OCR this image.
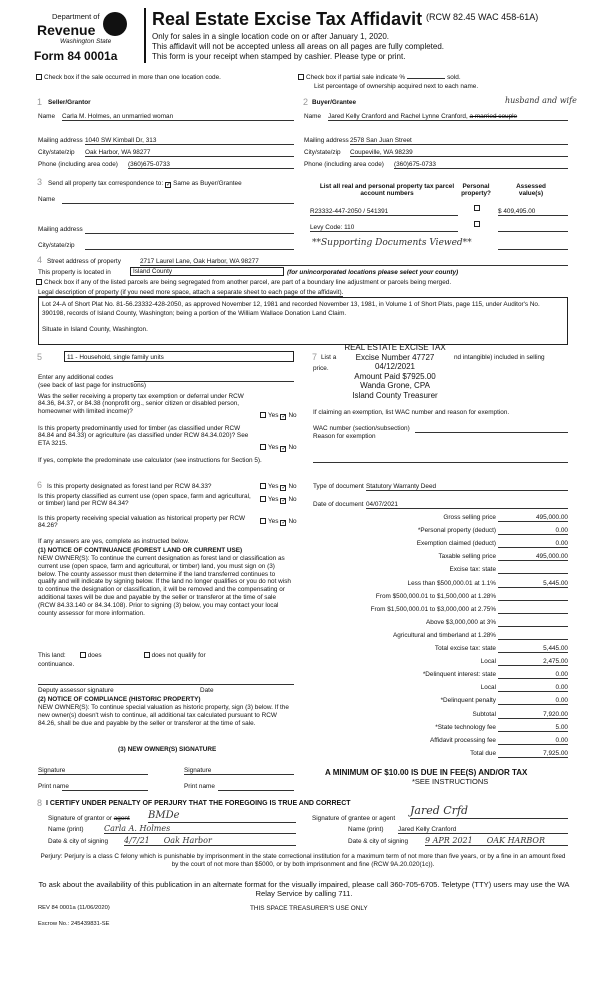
Department of
Revenue
Washington State
Form 84 0001a
Real Estate Excise Tax Affidavit (RCW 82.45 WAC 458-61A)
Only for sales in a single location code on or after January 1, 2020.
This affidavit will not be accepted unless all areas on all pages are fully completed.
This form is your receipt when stamped by cashier. Please type or print.
Check box if the sale occurred in more than one location code.	Check box if partial sale indicate %	sold.
List percentage of ownership acquired next to each name.
1 Seller/Grantor
Name Carla M. Holmes, an unmarried woman
Mailing address 1040 SW Kimball Dr, 313
City/state/zip Oak Harbor, WA 98277
Phone (including area code) (360)675-0733
2 Buyer/Grantee	husband and wife
Name Jared Kelly Cranford and Rachel Lynne Cranford, a married couple
Mailing address 2578 San Juan Street
City/state/zip Coupeville, WA 98239
Phone (including area code) (360)675-0733
3 Send all property tax correspondence to: ✓ Same as Buyer/Grantee
Name
Mailing address
City/state/zip
List all real and personal property tax parcel account numbers
Personal property?
Assessed value(s)
R23332-447-2050 / 541391	$ 409,495.00
Levy Code: 110
**Supporting Documents Viewed**
4 Street address of property	2717 Laurel Lane, Oak Harbor, WA 98277
This property is located in	Island County	(for unincorporated locations please select your county)
Check box if any of the listed parcels are being segregated from another parcel, are part of a boundary line adjustment or parcels being merged.
Legal description of property (if you need more space, attach a separate sheet to each page of the affidavit).
Lot 24-A of Short Plat No. 81-56.23332-428-2050, as approved November 12, 1981 and recorded November 13, 1981, in Volume 1 of Short Plats, page 115, under Auditor's No. 390198, records of Island County, Washington; being a portion of the William Wallace Donation Land Claim.
Situate in Island County, Washington.
5	11 - Household, single family units
Enter any additional codes
(see back of last page for instructions)
Was the seller receiving a property tax exemption or deferral under RCW 84.36, 84.37, or 84.38 (nonprofit org., senior citizen or disabled person, homeowner with limited income)?
Yes ✓ No
Is this property predominantly used for timber (as classified under RCW 84.84 and 84.33) or agriculture (as classified under RCW 84.34.020)? See ETA 3215.
Yes ✓ No
If yes, complete the predominate use calculator (see instructions for Section 5).
7 List a
price.
nd intangible) included in selling
REAL ESTATE EXCISE TAX
Excise Number 47727
04/12/2021
Amount Paid $7925.00
Wanda Grone, CPA
Island County Treasurer
If claiming an exemption, list WAC number and reason for exemption.
WAC number (section/subsection)
Reason for exemption
6 Is this property designated as forest land per RCW 84.33?	Yes ✓ No
Is this property classified as current use (open space, farm and agricultural, or timber) land per RCW 84.34?
Yes ✓ No
Is this property receiving special valuation as historical property per RCW 84.26?
Yes ✓ No
If any answers are yes, complete as instructed below.
(1) NOTICE OF CONTINUANCE (FOREST LAND OR CURRENT USE)
NEW OWNER(S): To continue the current designation as forest land or classification as current use (open space, farm and agricultural, or timber) land, you must sign on (3) below. The county assessor must then determine if the land transferred continues to qualify and will indicate by signing below. If the land no longer qualifies or you do not wish to continue the designation or classification, it will be removed and the compensating or additional taxes will be due and payable by the seller or transferor at the time of sale (RCW 84.33.140 or 84.34.108). Prior to signing (3) below, you may contact your local county assessor for more information.
This land:	does	does not qualify for
continuance.
Deputy assessor signature	Date
(2) NOTICE OF COMPLIANCE (HISTORIC PROPERTY)
NEW OWNER(S): To continue special valuation as historic property, sign (3) below. If the new owner(s) doesn't wish to continue, all additional tax calculated pursuant to RCW 84.26, shall be due and payable by the seller or transferor at the time of sale.
(3) NEW OWNER(S) SIGNATURE
Signature	Signature
Print name	Print name
Type of document Statutory Warranty Deed
Date of document 04/07/2021
Gross selling price	495,000.00
*Personal property (deduct)	0.00
Exemption claimed (deduct)	0.00
Taxable selling price	495,000.00
Excise tax: state
Less than $500,000.01 at 1.1%	5,445.00
From $500,000.01 to $1,500,000 at 1.28%
From $1,500,000.01 to $3,000,000 at 2.75%
Above $3,000,000 at 3%
Agricultural and timberland at 1.28%
Total excise tax: state	5,445.00
Local	2,475.00
*Delinquent interest: state	0.00
Local	0.00
*Delinquent penalty	0.00
Subtotal	7,920.00
*State technology fee	5.00
Affidavit processing fee	0.00
Total due	7,925.00
A MINIMUM OF $10.00 IS DUE IN FEE(S) AND/OR TAX
*SEE INSTRUCTIONS
8 I CERTIFY UNDER PENALTY OF PERJURY THAT THE FOREGOING IS TRUE AND CORRECT
Signature of grantor or agent BMDe
Name (print)	Carla A. Holmes
Date & city of signing 4/7/21 Oak Harbor
Signature of grantee or agent
Jared Crfd
Name (print) Jared Kelly Cranford
Date & city of signing 9 APR 2021 OAK HARBOR
Perjury: Perjury is a class C felony which is punishable by imprisonment in the state correctional institution for a maximum term of not more than five years, or by a fine in an amount fixed by the court of not more than $5000, or by both imprisonment and fine (RCW 9A.20.020(1c)).
To ask about the availability of this publication in an alternate format for the visually impaired, please call 360-705-6705. Teletype (TTY) users may use the WA Relay Service by calling 711.
REV 84 0001a (11/06/2020)	THIS SPACE TREASURER'S USE ONLY
Escrow No.: 245439831-SE
